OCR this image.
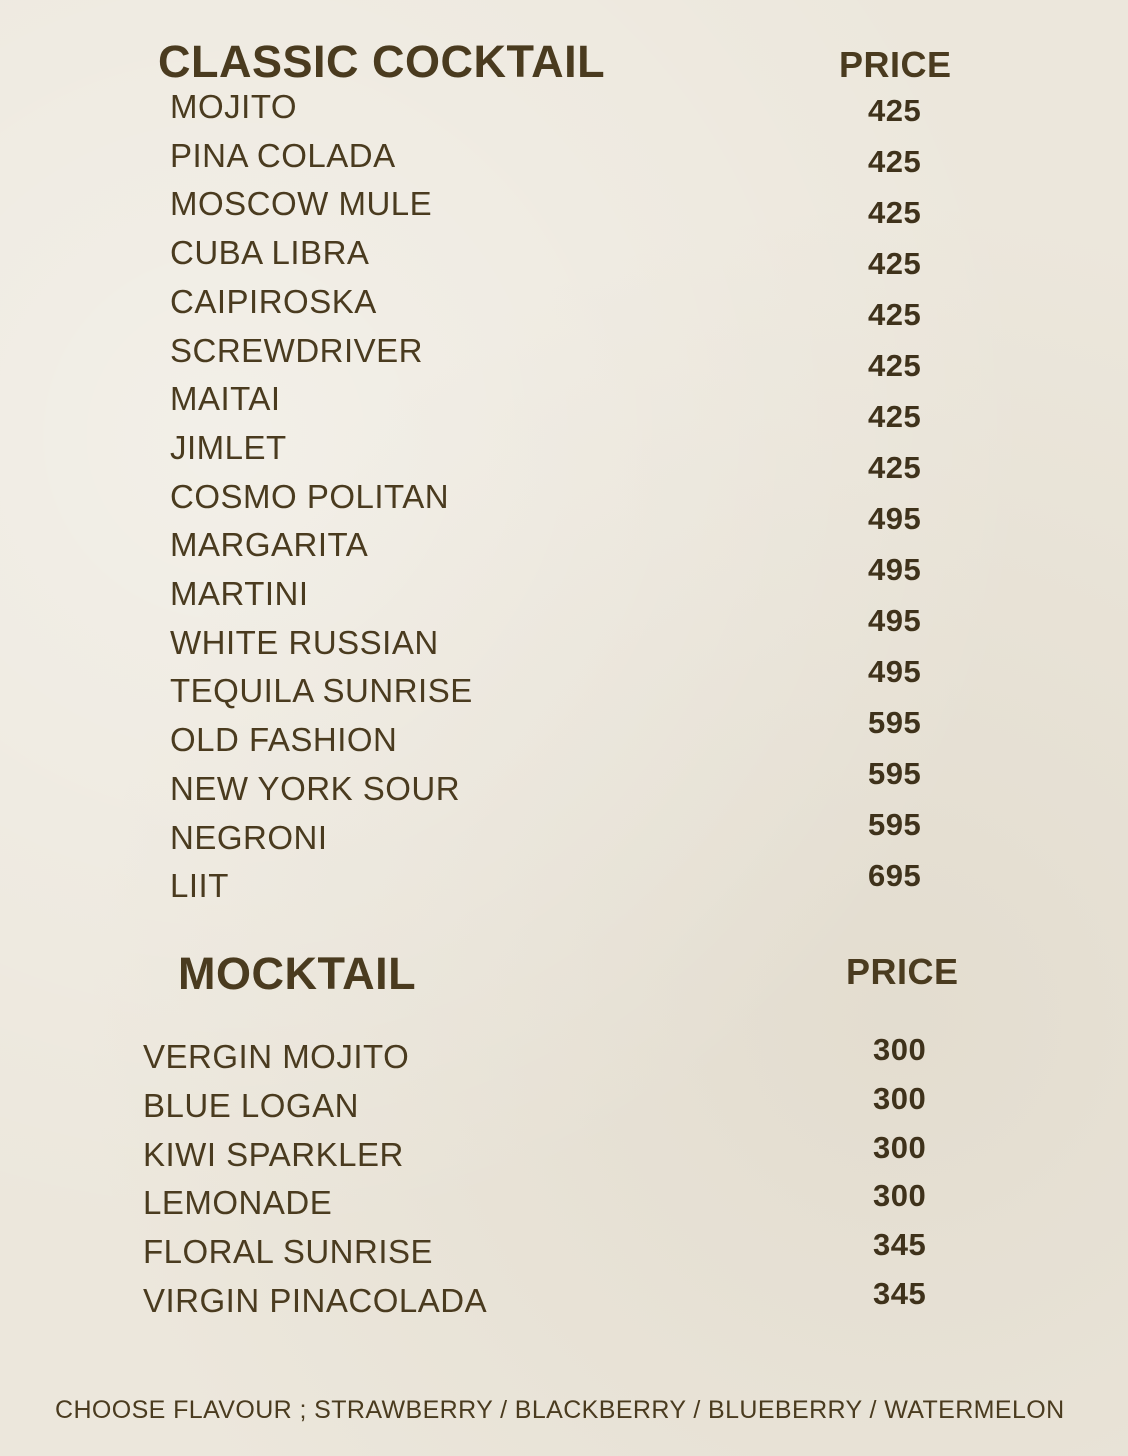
CLASSIC COCKTAIL	PRICE
MOJITO
PINA COLADA
MOSCOW MULE
CUBA LIBRA
CAIPIROSKA
SCREWDRIVER
MAITAI
JIMLET
COSMO POLITAN
MARGARITA
MARTINI
WHITE RUSSIAN
TEQUILA SUNRISE
OLD FASHION
NEW YORK SOUR
NEGRONI
LIIT
425
425
425
425
425
425
425
425
495
495
495
495
595
595
595
695
MOCKTAIL	PRICE
VERGIN MOJITO
BLUE LOGAN
KIWI SPARKLER
LEMONADE
FLORAL SUNRISE
VIRGIN PINACOLADA
300
300
300
300
345
345
CHOOSE FLAVOUR ; STRAWBERRY / BLACKBERRY / BLUEBERRY / WATERMELON
